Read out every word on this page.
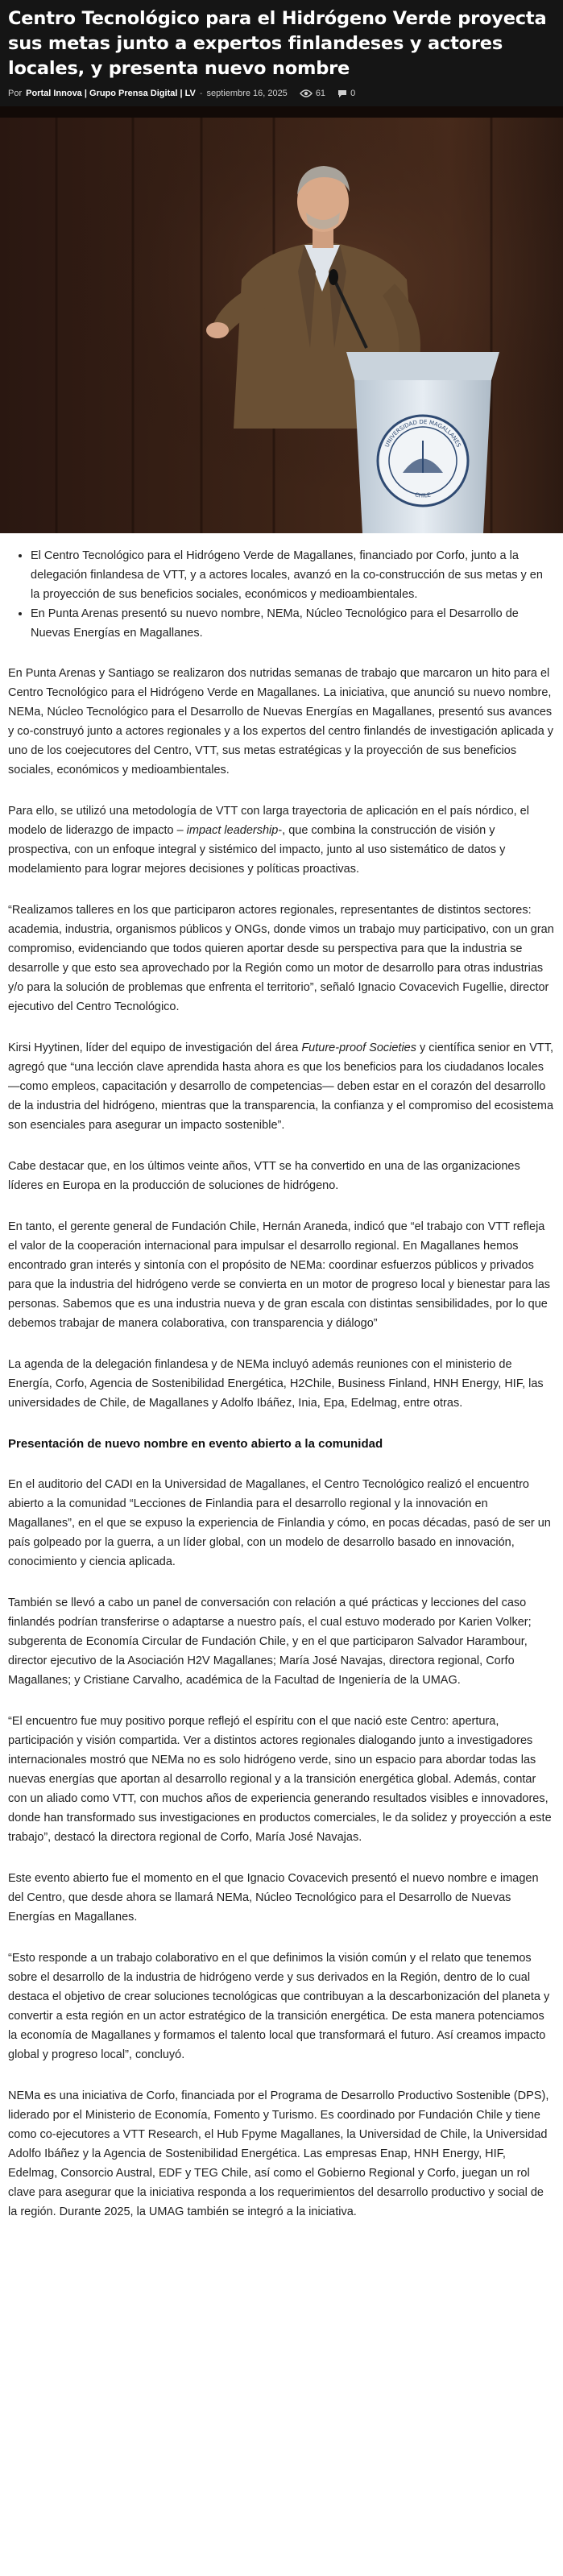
Centro Tecnológico para el Hidrógeno Verde proyecta sus metas junto a expertos finlandeses y actores locales, y presenta nuevo nombre
Por Portal Innova | Grupo Prensa Digital | LV - septiembre 16, 2025	61	0
UNIVERSIDAD DE MAGALLANES
CHILE
• El Centro Tecnológico para el Hidrógeno Verde de Magallanes, financiado por Corfo, junto a la delegación finlandesa de VTT, y a actores locales, avanzó en la co-construcción de sus metas y en la proyección de sus beneficios sociales, económicos y medioambientales.
• En Punta Arenas presentó su nuevo nombre, NEMa, Núcleo Tecnológico para el Desarrollo de Nuevas Energías en Magallanes.

En Punta Arenas y Santiago se realizaron dos nutridas semanas de trabajo que marcaron un hito para el Centro Tecnológico para el Hidrógeno Verde en Magallanes. La iniciativa, que anunció su nuevo nombre, NEMa, Núcleo Tecnológico para el Desarrollo de Nuevas Energías en Magallanes, presentó sus avances y co-construyó junto a actores regionales y a los expertos del centro finlandés de investigación aplicada y uno de los coejecutores del Centro, VTT, sus metas estratégicas y la proyección de sus beneficios sociales, económicos y medioambientales.

Para ello, se utilizó una metodología de VTT con larga trayectoria de aplicación en el país nórdico, el modelo de liderazgo de impacto – impact leadership-, que combina la construcción de visión y prospectiva, con un enfoque integral y sistémico del impacto, junto al uso sistemático de datos y modelamiento para lograr mejores decisiones y políticas proactivas.

“Realizamos talleres en los que participaron actores regionales, representantes de distintos sectores: academia, industria, organismos públicos y ONGs, donde vimos un trabajo muy participativo, con un gran compromiso, evidenciando que todos quieren aportar desde su perspectiva para que la industria se desarrolle y que esto sea aprovechado por la Región como un motor de desarrollo para otras industrias y/o para la solución de problemas que enfrenta el territorio”, señaló Ignacio Covacevich Fugellie, director ejecutivo del Centro Tecnológico.

Kirsi Hyytinen, líder del equipo de investigación del área Future-proof Societies y científica senior en VTT, agregó que “una lección clave aprendida hasta ahora es que los beneficios para los ciudadanos locales —como empleos, capacitación y desarrollo de competencias— deben estar en el corazón del desarrollo de la industria del hidrógeno, mientras que la transparencia, la confianza y el compromiso del ecosistema son esenciales para asegurar un impacto sostenible”.

Cabe destacar que, en los últimos veinte años, VTT se ha convertido en una de las organizaciones líderes en Europa en la producción de soluciones de hidrógeno.

En tanto, el gerente general de Fundación Chile, Hernán Araneda, indicó que “el trabajo con VTT refleja el valor de la cooperación internacional para impulsar el desarrollo regional. En Magallanes hemos encontrado gran interés y sintonía con el propósito de NEMa: coordinar esfuerzos públicos y privados para que la industria del hidrógeno verde se convierta en un motor de progreso local y bienestar para las personas. Sabemos que es una industria nueva y de gran escala con distintas sensibilidades, por lo que debemos trabajar de manera colaborativa, con transparencia y diálogo”

La agenda de la delegación finlandesa y de NEMa incluyó además reuniones con el ministerio de Energía, Corfo, Agencia de Sostenibilidad Energética, H2Chile, Business Finland, HNH Energy, HIF, las universidades de Chile, de Magallanes y Adolfo Ibáñez, Inia, Epa, Edelmag, entre otras.

Presentación de nuevo nombre en evento abierto a la comunidad

En el auditorio del CADI en la Universidad de Magallanes, el Centro Tecnológico realizó el encuentro abierto a la comunidad “Lecciones de Finlandia para el desarrollo regional y la innovación en Magallanes”, en el que se expuso la experiencia de Finlandia y cómo, en pocas décadas, pasó de ser un país golpeado por la guerra, a un líder global, con un modelo de desarrollo basado en innovación, conocimiento y ciencia aplicada.

También se llevó a cabo un panel de conversación con relación a qué prácticas y lecciones del caso finlandés podrían transferirse o adaptarse a nuestro país, el cual estuvo moderado por Karien Volker; subgerenta de Economía Circular de Fundación Chile, y en el que participaron Salvador Harambour, director ejecutivo de la Asociación H2V Magallanes; María José Navajas, directora regional, Corfo Magallanes; y Cristiane Carvalho, académica de la Facultad de Ingeniería de la UMAG.

“El encuentro fue muy positivo porque reflejó el espíritu con el que nació este Centro: apertura, participación y visión compartida. Ver a distintos actores regionales dialogando junto a investigadores internacionales mostró que NEMa no es solo hidrógeno verde, sino un espacio para abordar todas las nuevas energías que aportan al desarrollo regional y a la transición energética global. Además, contar con un aliado como VTT, con muchos años de experiencia generando resultados visibles e innovadores, donde han transformado sus investigaciones en productos comerciales, le da solidez y proyección a este trabajo”, destacó la directora regional de Corfo, María José Navajas.

Este evento abierto fue el momento en el que Ignacio Covacevich presentó el nuevo nombre e imagen del Centro, que desde ahora se llamará NEMa, Núcleo Tecnológico para el Desarrollo de Nuevas Energías en Magallanes.

“Esto responde a un trabajo colaborativo en el que definimos la visión común y el relato que tenemos sobre el desarrollo de la industria de hidrógeno verde y sus derivados en la Región, dentro de lo cual destaca el objetivo de crear soluciones tecnológicas que contribuyan a la descarbonización del planeta y convertir a esta región en un actor estratégico de la transición energética. De esta manera potenciamos la economía de Magallanes y formamos el talento local que transformará el futuro. Así creamos impacto global y progreso local”, concluyó.

NEMa es una iniciativa de Corfo, financiada por el Programa de Desarrollo Productivo Sostenible (DPS), liderado por el Ministerio de Economía, Fomento y Turismo. Es coordinado por Fundación Chile y tiene como co-ejecutores a VTT Research, el Hub Fpyme Magallanes, la Universidad de Chile, la Universidad Adolfo Ibáñez y la Agencia de Sostenibilidad Energética. Las empresas Enap, HNH Energy, HIF, Edelmag, Consorcio Austral, EDF y TEG Chile, así como el Gobierno Regional y Corfo, juegan un rol clave para asegurar que la iniciativa responda a los requerimientos del desarrollo productivo y social de la región. Durante 2025, la UMAG también se integró a la iniciativa.
